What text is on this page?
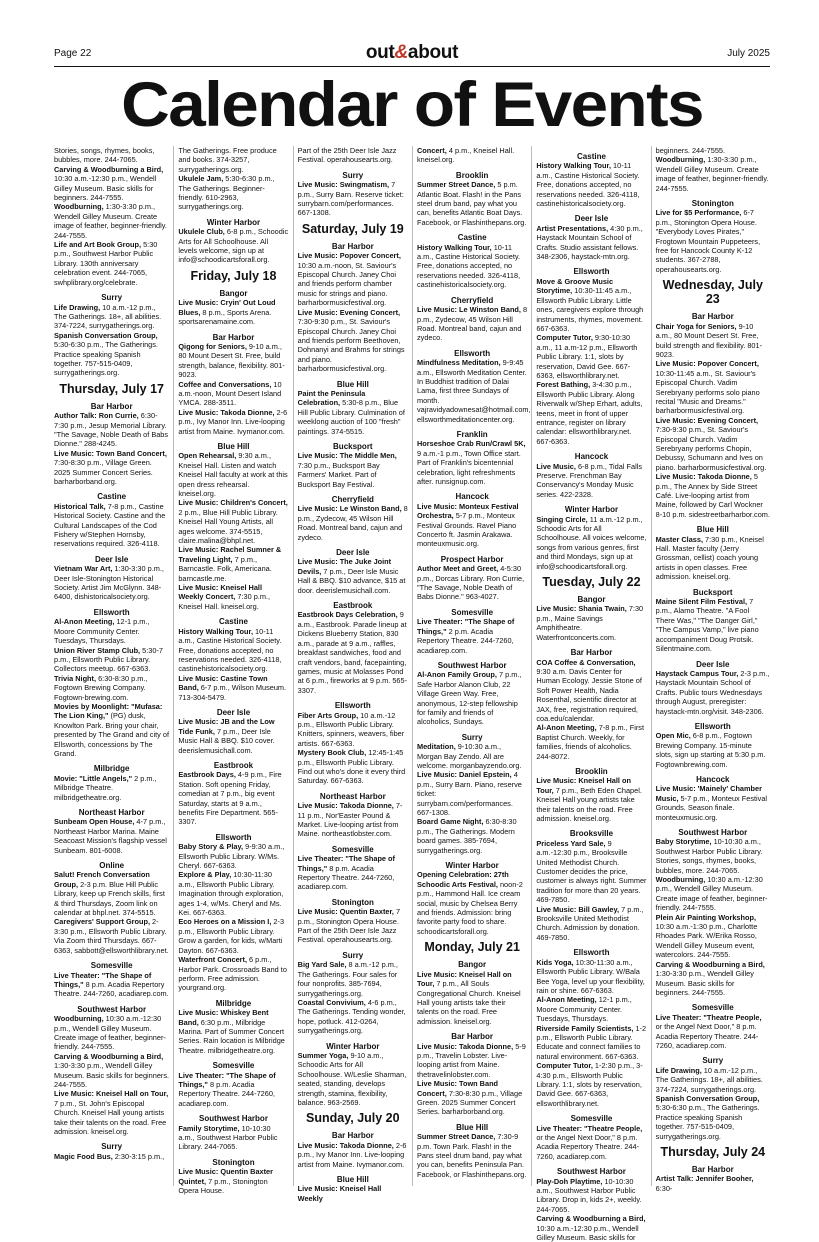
Page 22	out&about	July 2025
Calendar of Events
Stories, songs, rhymes, books, bubbles, more. 244-7065.
Carving & Woodburning a Bird, 10:30 a.m.-12:30 p.m., Wendell Gilley Museum. Basic skills for beginners. 244-7555.
Woodburning, 1:30-3:30 p.m., Wendell Gilley Museum. Create image of feather, beginner-friendly. 244-7555.
Life and Art Book Group, 5:30 p.m., Southwest Harbor Public Library. 130th anniversary celebration event. 244-7065, swhplibrary.org/celebrate.
Surry
Life Drawing, 10 a.m.-12 p.m., The Gatherings. 18+, all abilities. 374-7224, surrygatherings.org.
Spanish Conversation Group, 5:30-6:30 p.m., The Gatherings. Practice speaking Spanish together. 757-515-0409, surrygatherings.org.
Thursday, July 17
Bar Harbor
Author Talk: Ron Currie, 6:30-7:30 p.m., Jesup Memorial Library. "The Savage, Noble Death of Babs Dionne." 288-4245.
Live Music: Town Band Concert, 7:30-8:30 p.m., Village Green. 2025 Summer Concert Series. barharborband.org.
Castine
Historical Talk, 7-8 p.m., Castine Historical Society. Castine and the Cultural Landscapes of the Cod Fishery w/Stephen Hornsby, reservations required. 326-4118.
Deer Isle
Vietnam War Art, 1:30-3:30 p.m., Deer Isle-Stonington Historical Society. Artist Jim McGlynn. 348-6400, dishistoricalsociety.org.
Ellsworth
Al-Anon Meeting, 12-1 p.m., Moore Community Center. Tuesdays, Thursdays.
Union River Stamp Club, 5:30-7 p.m., Ellsworth Public Library. Collectors meetup. 667-6363.
Trivia Night, 6:30-8:30 p.m., Fogtown Brewing Company. Fogtown-brewing.com.
Movies by Moonlight: "Mufasa: The Lion King," (PG) dusk, Knowlton Park. Bring your chair, presented by The Grand and city of Ellsworth, concessions by The Grand.
Milbridge
Movie: "Little Angels," 2 p.m., Milbridge Theatre. milbridgetheatre.org.
Northeast Harbor
Sunbeam Open House, 4-7 p.m., Northeast Harbor Marina. Maine Seacoast Mission's flagship vessel Sunbeam. 801-6008.
Online
Salut! French Conversation Group, 2-3 p.m. Blue Hill Public Library, keep up French skills, first & third Thursdays, Zoom link on calendar at bhpl.net. 374-5515.
Caregivers' Support Group, 2-3:30 p.m., Ellsworth Public Library. Via Zoom third Thursdays. 667-6363, sabbott@ellsworthlibrary.net.
Somesville
Live Theater: "The Shape of Things," 8 p.m. Acadia Repertory Theatre. 244-7260, acadiarep.com.
Southwest Harbor
Woodburning, 10:30 a.m.-12:30 p.m., Wendell Gilley Museum. Create image of feather, beginner-friendly. 244-7555.
Carving & Woodburning a Bird, 1:30-3:30 p.m., Wendell Gilley Museum. Basic skills for beginners. 244-7555.
Live Music: Kneisel Hall on Tour, 7 p.m., St. John's Episcopal Church. Kneisel Hall young artists take their talents on the road. Free admission. kneisel.org.
Surry
Magic Food Bus, 2:30-3:15 p.m.,
The Gatherings. Free produce and books. 374-3257, surrygatherings.org.
Ukulele Jam, 5:30-6:30 p.m., The Gatherings. Beginner-friendly. 610-2963, surrygatherings.org.
Winter Harbor
Ukulele Club, 6-8 p.m., Schoodic Arts for All Schoolhouse. All levels welcome, sign up at info@schoodicartsforall.org.
Friday, July 18
Bangor
Live Music: Cryin' Out Loud Blues, 8 p.m., Sports Arena. sportsarenamaine.com.
Bar Harbor
Qigong for Seniors, 9-10 a.m., 80 Mount Desert St. Free, build strength, balance, flexibility. 801-9023.
Coffee and Conversations, 10 a.m.-noon, Mount Desert Island YMCA. 288-3511.
Live Music: Takoda Dionne, 2-6 p.m., Ivy Manor Inn. Live-looping artist from Maine. Ivymanor.com.
Blue Hill
Open Rehearsal, 9:30 a.m., Kneisel Hall. Listen and watch Kneisel Hall faculty at work at this open dress rehearsal. kneisel.org.
Live Music: Children's Concert, 2 p.m., Blue Hill Public Library. Kneisel Hall Young Artists, all ages welcome. 374-5515, claire.malina@bhpl.net.
Live Music: Rachel Sumner & Traveling Light, 7 p.m., Barncastle. Folk, Americana. barncastle.me.
Live Music: Kneisel Hall Weekly Concert, 7:30 p.m., Kneisel Hall. kneisel.org.
Castine
History Walking Tour, 10-11 a.m., Castine Historical Society. Free, donations accepted, no reservations needed. 326-4118, castinehistoricalsociety.org.
Live Music: Castine Town Band, 6-7 p.m., Wilson Museum. 713-304-5479.
Deer Isle
Live Music: JB and the Low Tide Funk, 7 p.m., Deer Isle Music Hall & BBQ. $10 cover. deerislemusichall.com.
Eastbrook
Eastbrook Days, 4-9 p.m., Fire Station. Soft opening Friday, comedian at 7 p.m., big event Saturday, starts at 9 a.m., benefits Fire Department. 565-3307.
Ellsworth
Baby Story & Play, 9-9:30 a.m., Ellsworth Public Library. W/Ms. Cheryl. 667-6363.
Explore & Play, 10:30-11:30 a.m., Ellsworth Public Library. Imagination through exploration, ages 1-4, w/Ms. Cheryl and Ms. Kei. 667-6363.
Eco Heroes on a Mission I, 2-3 p.m., Ellsworth Public Library. Grow a garden, for kids, w/Marti Dayton. 667-6363.
Waterfront Concert, 6 p.m., Harbor Park. Crossroads Band to perform. Free admission. yourgrand.org.
Milbridge
Live Music: Whiskey Bent Band, 6:30 p.m., Milbridge Marina. Part of Summer Concert Series. Rain location is Milbridge Theatre. milbridgetheatre.org.
Somesville
Live Theater: "The Shape of Things," 8 p.m. Acadia Repertory Theatre. 244-7260, acadiarep.com.
Southwest Harbor
Family Storytime, 10-10:30 a.m., Southwest Harbor Public Library. 244-7065.
Stonington
Live Music: Quentin Baxter Quintet, 7 p.m., Stonington Opera House.
Part of the 25th Deer Isle Jazz Festival. operahousearts.org.
Surry
Live Music: Swingmatism, 7 p.m., Surry Barn. Reserve ticket: surrybarn.com/performances. 667-1308.
Saturday, July 19
Bar Harbor
Live Music: Popover Concert, 10:30 a.m.-noon, St. Saviour's Episcopal Church. Janey Choi and friends perform chamber music for strings and piano. barharbormusicfestival.org.
Live Music: Evening Concert, 7:30-9:30 p.m., St. Saviour's Episcopal Church. Janey Choi and friends perform Beethoven, Dohnanyi and Brahms for strings and piano. barharbormusicfestival.org.
Blue Hill
Paint the Peninsula Celebration, 5:30-8 p.m., Blue Hill Public Library. Culmination of weeklong auction of 100 "fresh" paintings. 374-5515.
Bucksport
Live Music: The Middle Men, 7:30 p.m., Bucksport Bay Farmers' Market. Part of Bucksport Bay Festival.
Cherryfield
Live Music: Le Winston Band, 8 p.m., Zydecow, 45 Wilson Hill Road. Montreal band, cajun and zydeco.
Deer Isle
Live Music: The Juke Joint Devils, 7 p.m., Deer Isle Music Hall & BBQ. $10 advance, $15 at door. deerislemusichall.com.
Eastbrook
Eastbrook Days Celebration, 9 a.m., Eastbrook. Parade lineup at Dickens Blueberry Station, 830 a.m., parade at 9 a.m., raffles, breakfast sandwiches, food and craft vendors, band, facepainting, games, music at Molasses Pond at 6 p.m., fireworks at 9 p.m. 565-3307.
Ellsworth
Fiber Arts Group, 10 a.m.-12 p.m., Ellsworth Public Library. Knitters, spinners, weavers, fiber artists. 667-6363.
Mystery Book Club, 12:45-1:45 p.m., Ellsworth Public Library. Find out who's done it every third Saturday. 667-6363.
Northeast Harbor
Live Music: Takoda Dionne, 7-11 p.m., Nor'Easter Pound & Market. Live-looping artist from Maine. northeastlobster.com.
Somesville
Live Theater: "The Shape of Things," 8 p.m. Acadia Repertory Theatre. 244-7260, acadiarep.com.
Stonington
Live Music: Quentin Baxter, 7 p.m., Stonington Opera House. Part of the 25th Deer Isle Jazz Festival. operahousearts.org.
Surry
Big Yard Sale, 8 a.m.-12 p.m., The Gatherings. Four sales for four nonprofits. 385-7694, surrygatherings.org.
Coastal Convivium, 4-6 p.m., The Gatherings. Tending wonder, hope, potluck. 412-0264, surrygatherings.org.
Winter Harbor
Summer Yoga, 9-10 a.m., Schoodic Arts for All Schoolhouse. W/Leslie Sharman, seated, standing, develops strength, stamina, flexibility, balance. 963-2569.
Sunday, July 20
Bar Harbor
Live Music: Takoda Dionne, 2-6 p.m., Ivy Manor Inn. Live-looping artist from Maine. Ivymanor.com.
Blue Hill
Live Music: Kneisel Hall Weekly
Concert, 4 p.m., Kneisel Hall. kneisel.org.
Brooklin
Summer Street Dance, 5 p.m. Atlantic Boat. Flash! in the Pans steel drum band, pay what you can, benefits Atlantic Boat Days. Facebook, or Flashinthepans.org.
Castine
History Walking Tour, 10-11 a.m., Castine Historical Society. Free, donations accepted, no reservations needed. 326-4118, castinehistoricalsociety.org.
Cherryfield
Live Music: Le Winston Band, 8 p.m., Zydecow, 45 Wilson Hill Road. Montreal band, cajun and zydeco.
Ellsworth
Mindfulness Meditation, 9-9:45 a.m., Ellsworth Meditation Center. In Buddhist tradition of Dalai Lama, first three Sundays of month. vajravidyadownesat@hotmail.com, ellsworthmeditationcenter.org.
Franklin
Horseshoe Crab Run/Crawl 5K, 9 a.m.-1 p.m., Town Office start. Part of Franklin's bicentennial celebration, light refreshments after. runsignup.com.
Hancock
Live Music: Monteux Festival Orchestra, 5-7 p.m., Monteux Festival Grounds. Ravel Piano Concerto ft. Jasmin Arakawa. monteuxmusic.org.
Prospect Harbor
Author Meet and Greet, 4-5:30 p.m., Dorcas Library. Ron Currie, "The Savage, Noble Death of Babs Dionne." 963-4027.
Somesville
Live Theater: "The Shape of Things," 2 p.m. Acadia Repertory Theatre. 244-7260, acadiarep.com.
Southwest Harbor
Al-Anon Family Group, 7 p.m., Safe Harbor Alanon Club, 22 Village Green Way. Free, anonymous, 12-step fellowship for family and friends of alcoholics, Sundays.
Surry
Meditation, 9-10:30 a.m., Morgan Bay Zendo. All are welcome. morganbayzendo.org.
Live Music: Daniel Epstein, 4 p.m., Surry Barn. Piano, reserve ticket: surrybarn.com/performances. 667-1308.
Board Game Night, 6:30-8:30 p.m., The Gatherings. Modern board games. 385-7694, surrygatherings.org.
Winter Harbor
Opening Celebration: 27th Schoodic Arts Festival, noon-2 p.m., Hammond Hall. Ice cream social, music by Chelsea Berry and friends. Admission: bring favorite party food to share. schoodicartsforall.org.
Monday, July 21
Bangor
Live Music: Kneisel Hall on Tour, 7 p.m., All Souls Congregational Church. Kneisel Hall young artists take their talents on the road. Free admission. kneisel.org.
Bar Harbor
Live Music: Takoda Dionne, 5-9 p.m., Travelin Lobster. Live-looping artist from Maine. thetravelinlobster.com.
Live Music: Town Band Concert, 7:30-8:30 p.m., Village Green. 2025 Summer Concert Series. barharborband.org.
Blue Hill
Summer Street Dance, 7:30-9 p.m. Town Park. Flash! in the Pans steel drum band, pay what you can, benefits Peninsula Pan. Facebook, or Flashinthepans.org.
Castine
History Walking Tour, 10-11 a.m., Castine Historical Society. Free, donations accepted, no reservations needed. 326-4118, castinehistoricalsociety.org.
Deer Isle
Artist Presentations, 4:30 p.m., Haystack Mountain School of Crafts. Studio assistant fellows. 348-2306, haystack-mtn.org.
Ellsworth
Move & Groove Music Storytime, 10:30-11:45 a.m., Ellsworth Public Library. Little ones, caregivers explore through instruments, rhymes, movement. 667-6363.
Computer Tutor, 9:30-10:30 a.m., 11 a.m-12 p.m., Ellsworth Public Library. 1:1, slots by reservation, David Gee. 667-6363, ellsworthlibrary.net.
Forest Bathing, 3-4:30 p.m., Ellsworth Public Library. Along Riverwalk w/Shep Erhart, adults, teens, meet in front of upper entrance, register on library calendar: ellsworthlibrary.net. 667-6363.
Hancock
Live Music, 6-8 p.m., Tidal Falls Preserve. Frenchman Bay Conservancy's Monday Music series. 422-2328.
Winter Harbor
Singing Circle, 11 a.m.-12 p.m., Schoodic Arts for All Schoolhouse. All voices welcome, songs from various genres, first and third Mondays, sign up at info@schoodicartsforall.org.
Tuesday, July 22
Bangor
Live Music: Shania Twain, 7:30 p.m., Maine Savings Amphitheatre. Waterfrontconcerts.com.
Bar Harbor
COA Coffee & Conversation, 9:30 a.m. Davis Center for Human Ecology. Jessie Stone of Soft Power Health, Nadia Rosenthal, scientific director at JAX, free, registration required, coa.edu/calendar.
Al-Anon Meeting, 7-8 p.m., First Baptist Church. Weekly, for families, friends of alcoholics. 244-8072.
Brooklin
Live Music: Kneisel Hall on Tour, 7 p.m., Beth Eden Chapel. Kneisel Hall young artists take their talents on the road. Free admission. kneisel.org.
Brooksville
Priceless Yard Sale, 9 a.m.-12:30 p.m., Brooksville United Methodist Church. Customer decides the price, customer is always right. Summer tradition for more than 20 years. 469-7850.
Live Music: Bill Gawley, 7 p.m., Brooksville United Methodist Church. Admission by donation. 469-7850.
Ellsworth
Kids Yoga, 10:30-11:30 a.m., Ellsworth Public Library. W/Bala Bee Yoga, level up your flexibility, rain or shine. 667-6363.
Al-Anon Meeting, 12-1 p.m., Moore Community Center. Tuesdays, Thursdays.
Riverside Family Scientists, 1-2 p.m., Ellsworth Public Library. Educate and connect families to natural environment. 667-6363.
Computer Tutor, 1-2:30 p.m., 3-4:30 p.m., Ellsworth Public Library. 1:1, slots by reservation, David Gee. 667-6363, ellsworthlibrary.net.
Somesville
Live Theater: "Theatre People, or the Angel Next Door," 8 p.m. Acadia Repertory Theatre. 244-7260, acadiarep.com.
Southwest Harbor
Play-Doh Playtime, 10-10:30 a.m., Southwest Harbor Public Library. Drop in, kids 2+, weekly. 244-7065.
Carving & Woodburning a Bird, 10:30 a.m.-12:30 p.m., Wendell Gilley Museum. Basic skills for
beginners. 244-7555.
Woodburning, 1:30-3:30 p.m., Wendell Gilley Museum. Create image of feather, beginner-friendly. 244-7555.
Stonington
Live for $5 Performance, 6-7 p.m., Stonington Opera House. "Everybody Loves Pirates," Frogtown Mountain Puppeteers, free for Hancock County K-12 students. 367-2788, operahousearts.org.
Wednesday, July 23
Bar Harbor
Chair Yoga for Seniors, 9-10 a.m., 80 Mount Desert St. Free, build strength and flexibility. 801-9023.
Live Music: Popover Concert, 10:30-11:45 a.m., St. Saviour's Episcopal Church. Vadim Serebryany performs solo piano recital "Music and Dreams." barharbormusicfestival.org.
Live Music: Evening Concert, 7:30-9:30 p.m., St. Saviour's Episcopal Church. Vadim Serebryany performs Chopin, Debussy, Schumann and Ives on piano. barharbormusicfestival.org.
Live Music: Takoda Dionne, 5 p.m., The Annex by Side Street Café. Live-looping artist from Maine, followed by Carl Wockner 8-10 p.m. sidestreetbarharbor.com.
Blue Hill
Master Class, 7:30 p.m., Kneisel Hall. Master faculty (Jerry Grossman, cellist) coach young artists in open classes. Free admission. kneisel.org.
Bucksport
Maine Silent Film Festival, 7 p.m., Alamo Theatre. "A Fool There Was," "The Danger Girl," "The Campus Vamp," live piano accompaniment Doug Protsik. Silentmaine.com.
Deer Isle
Haystack Campus Tour, 2-3 p.m., Haystack Mountain School of Crafts. Public tours Wednesdays through August, preregister: haystack-mtn.org/visit. 348-2306.
Ellsworth
Open Mic, 6-8 p.m., Fogtown Brewing Company. 15-minute slots, sign up starting at 5:30 p.m. Fogtownbrewing.com.
Hancock
Live Music: 'Mainely' Chamber Music, 5-7 p.m., Monteux Festival Grounds. Season finale. monteuxmusic.org.
Southwest Harbor
Baby Storytime, 10-10:30 a.m., Southwest Harbor Public Library. Stories, songs, rhymes, books, bubbles, more. 244-7065.
Woodburning, 10:30 a.m.-12:30 p.m., Wendell Gilley Museum. Create image of feather, beginner-friendly. 244-7555.
Plein Air Painting Workshop, 10:30 a.m.-1:30 p.m., Charlotte Rhoades Park. W/Erika Rosso, Wendell Gilley Museum event, watercolors. 244-7555.
Carving & Woodburning a Bird, 1:30-3:30 p.m., Wendell Gilley Museum. Basic skills for beginners. 244-7555.
Somesville
Live Theater: "Theatre People, or the Angel Next Door," 8 p.m. Acadia Repertory Theatre. 244-7260, acadiarep.com.
Surry
Life Drawing, 10 a.m.-12 p.m., The Gatherings. 18+, all abilities. 374-7224, surrygatherings.org.
Spanish Conversation Group, 5:30-6:30 p.m., The Gatherings. Practice speaking Spanish together. 757-515-0409, surrygatherings.org.
Thursday, July 24
Bar Harbor
Artist Talk: Jennifer Booher, 6:30-
